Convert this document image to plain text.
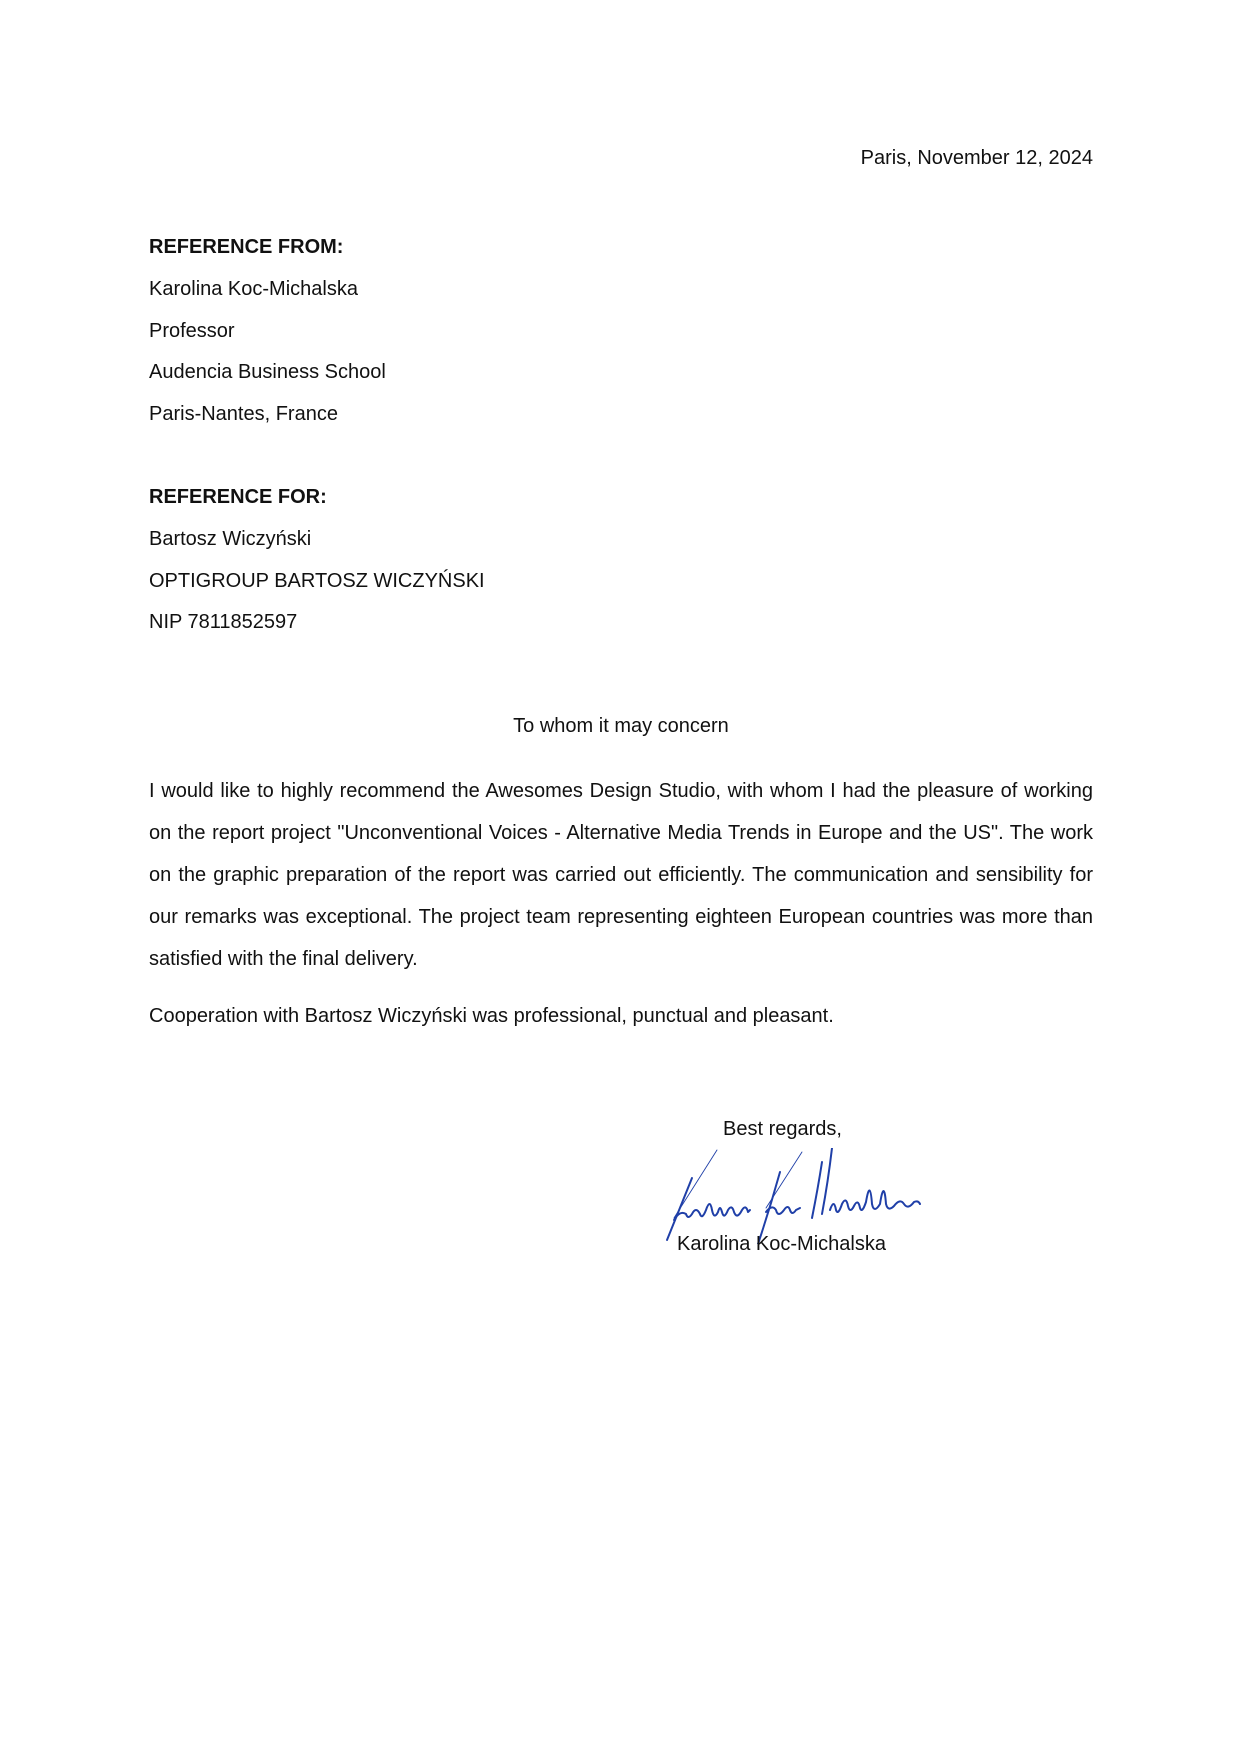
Paris, November 12, 2024
REFERENCE FROM:
Karolina Koc-Michalska
Professor
Audencia Business School
Paris-Nantes, France
REFERENCE FOR:
Bartosz Wiczyński
OPTIGROUP BARTOSZ WICZYŃSKI
NIP 7811852597
To whom it may concern

I would like to highly recommend the Awesomes Design Studio, with whom I had the pleasure of working on the report project "Unconventional Voices - Alternative Media Trends in Europe and the US". The work on the graphic preparation of the report was carried out efficiently. The communication and sensibility for our remarks was exceptional. The project team representing eighteen European countries was more than satisfied with the final delivery.

Cooperation with Bartosz Wiczyński was professional, punctual and pleasant.

Best regards,
Karolina Koc-Michalska
